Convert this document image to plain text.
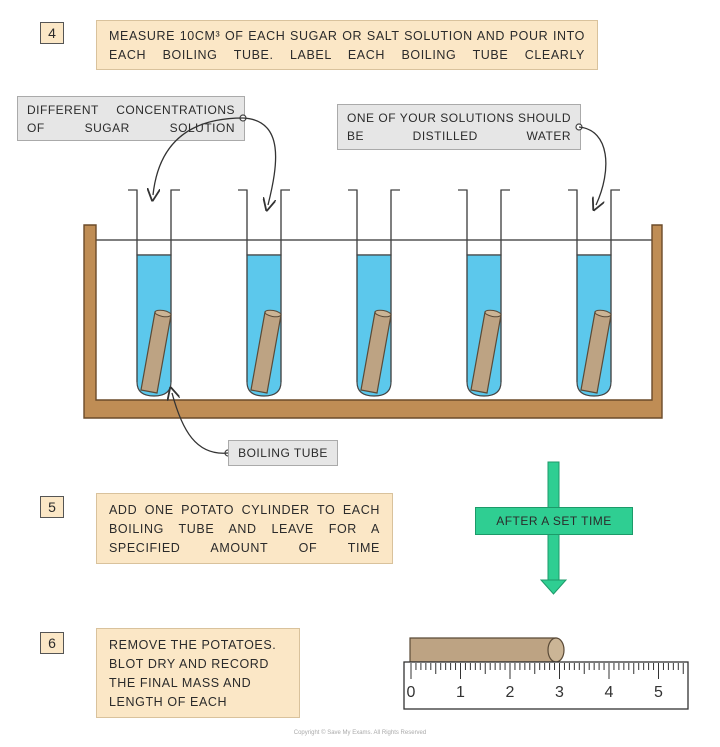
4	MEASURE 10CM³ OF EACH SUGAR OR SALT SOLUTION AND POUR INTO EACH BOILING TUBE. LABEL EACH BOILING TUBE CLEARLY
DIFFERENT CONCENTRATIONS OF SUGAR SOLUTION
ONE OF YOUR SOLUTIONS SHOULD BE DISTILLED WATER
0	1	2	3	4	5
BOILING TUBE
5	ADD ONE POTATO CYLINDER TO EACH BOILING TUBE AND LEAVE FOR A SPECIFIED AMOUNT OF TIME
AFTER A SET TIME
6	REMOVE THE POTATOES. BLOT DRY AND RECORD THE FINAL MASS AND LENGTH OF EACH
Copyright © Save My Exams. All Rights Reserved
